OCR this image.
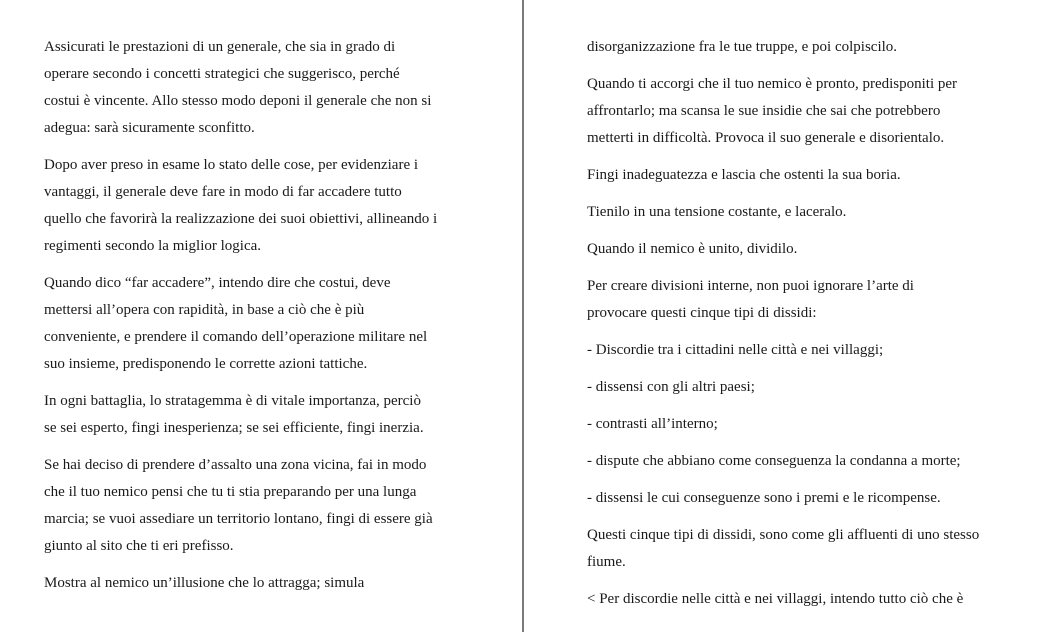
Assicurati le prestazioni di un generale, che sia in grado di
operare secondo i concetti strategici che suggerisco, perché
costui è vincente. Allo stesso modo deponi il generale che non si
adegua: sarà sicuramente sconfitto.

Dopo aver preso in esame lo stato delle cose, per evidenziare i
vantaggi, il generale deve fare in modo di far accadere tutto
quello che favorirà la realizzazione dei suoi obiettivi, allineando i
regimenti secondo la miglior logica.

Quando dico “far accadere”, intendo dire che costui, deve
mettersi all’opera con rapidità, in base a ciò che è più
conveniente, e prendere il comando dell’operazione militare nel
suo insieme, predisponendo le corrette azioni tattiche.

In ogni battaglia, lo stratagemma è di vitale importanza, perciò
se sei esperto, fingi inesperienza; se sei efficiente, fingi inerzia.

Se hai deciso di prendere d’assalto una zona vicina, fai in modo
che il tuo nemico pensi che tu ti stia preparando per una lunga
marcia; se vuoi assediare un territorio lontano, fingi di essere già
giunto al sito che ti eri prefisso.

Mostra al nemico un’illusione che lo attragga; simula

disorganizzazione fra le tue truppe, e poi colpiscilo.

Quando ti accorgi che il tuo nemico è pronto, predisponiti per
affrontarlo; ma scansa le sue insidie che sai che potrebbero
metterti in difficoltà. Provoca il suo generale e disorientalo.

Fingi inadeguatezza e lascia che ostenti la sua boria.

Tienilo in una tensione costante, e laceralo.

Quando il nemico è unito, dividilo.

Per creare divisioni interne, non puoi ignorare l’arte di
provocare questi cinque tipi di dissidi:

- Discordie tra i cittadini nelle città e nei villaggi;

- dissensi con gli altri paesi;

- contrasti all’interno;

- dispute che abbiano come conseguenza la condanna a morte;

- dissensi le cui conseguenze sono i premi e le ricompense.

Questi cinque tipi di dissidi, sono come gli affluenti di uno stesso
fiume.

< Per discordie nelle città e nei villaggi, intendo tutto ciò che è
